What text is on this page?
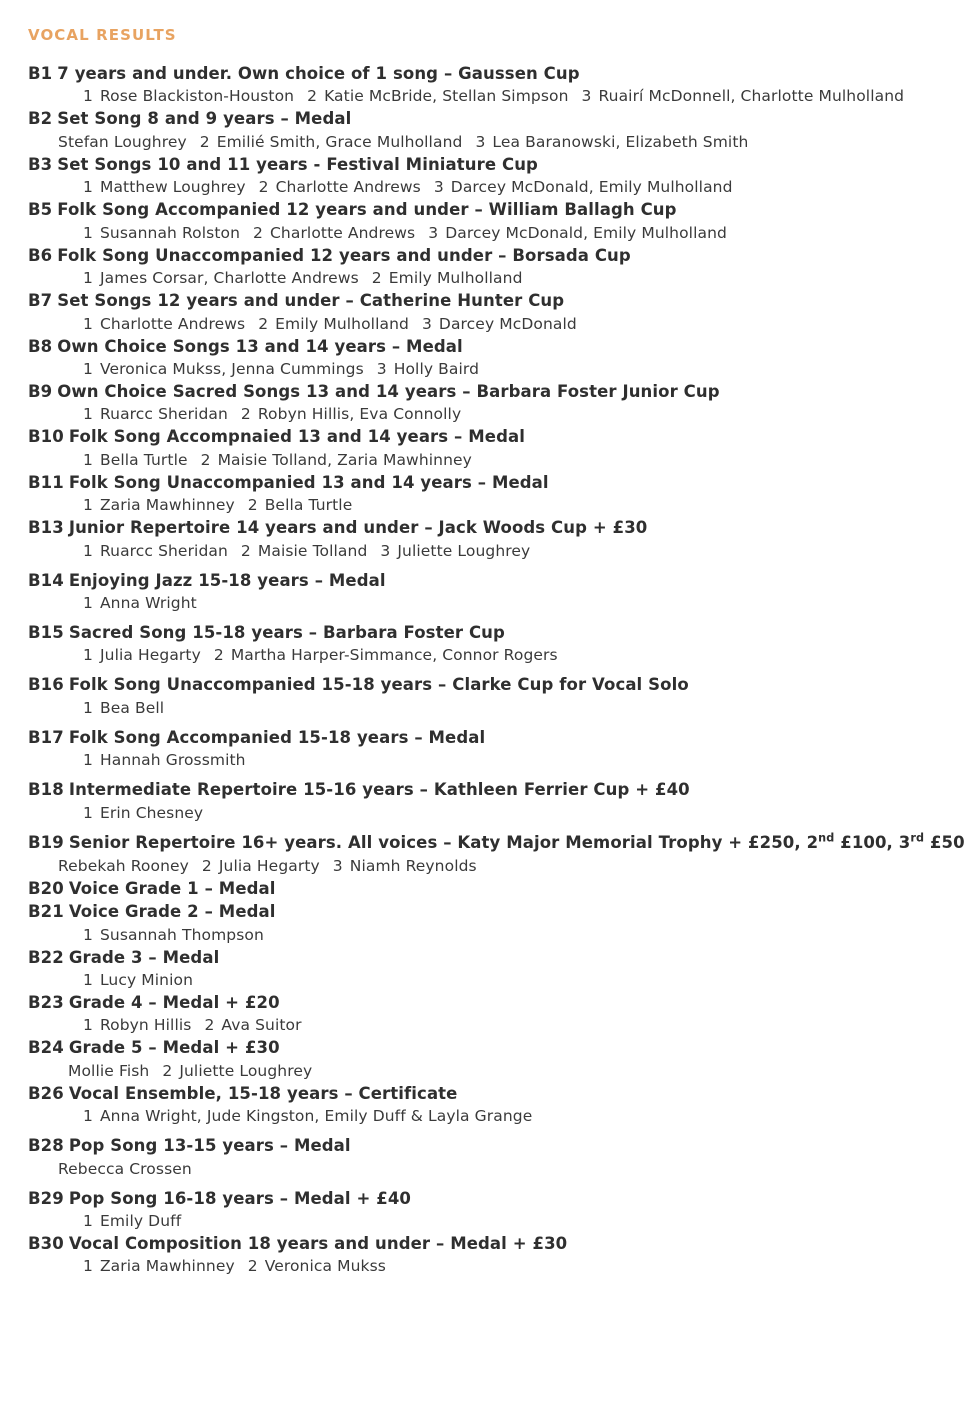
VOCAL RESULTS
B1 7 years and under. Own choice of 1 song – Gaussen Cup
1 Rose Blackiston-Houston 2 Katie McBride, Stellan Simpson 3 Ruairí McDonnell, Charlotte Mulholland
B2 Set Song 8 and 9 years – Medal
Stefan Loughrey 2 Emilié Smith, Grace Mulholland 3 Lea Baranowski, Elizabeth Smith
B3 Set Songs 10 and 11 years - Festival Miniature Cup
1 Matthew Loughrey 2 Charlotte Andrews 3 Darcey McDonald, Emily Mulholland
B5 Folk Song Accompanied 12 years and under – William Ballagh Cup
1 Susannah Rolston 2 Charlotte Andrews 3 Darcey McDonald, Emily Mulholland
B6 Folk Song Unaccompanied 12 years and under – Borsada Cup
1 James Corsar, Charlotte Andrews 2 Emily Mulholland
B7 Set Songs 12 years and under – Catherine Hunter Cup
1 Charlotte Andrews 2 Emily Mulholland 3 Darcey McDonald
B8 Own Choice Songs 13 and 14 years – Medal
1 Veronica Mukss, Jenna Cummings 3 Holly Baird
B9 Own Choice Sacred Songs 13 and 14 years – Barbara Foster Junior Cup
1 Ruarcc Sheridan 2 Robyn Hillis, Eva Connolly
B10 Folk Song Accompnaied 13 and 14 years – Medal
1 Bella Turtle 2 Maisie Tolland, Zaria Mawhinney
B11 Folk Song Unaccompanied 13 and 14 years – Medal
1 Zaria Mawhinney 2 Bella Turtle
B13 Junior Repertoire 14 years and under – Jack Woods Cup + £30
1 Ruarcc Sheridan 2 Maisie Tolland 3 Juliette Loughrey
B14 Enjoying Jazz 15-18 years – Medal
1 Anna Wright
B15 Sacred Song 15-18 years – Barbara Foster Cup
1 Julia Hegarty 2 Martha Harper-Simmance, Connor Rogers
B16 Folk Song Unaccompanied 15-18 years – Clarke Cup for Vocal Solo
1 Bea Bell
B17 Folk Song Accompanied 15-18 years – Medal
1 Hannah Grossmith
B18 Intermediate Repertoire 15-16 years – Kathleen Ferrier Cup + £40
1 Erin Chesney
B19 Senior Repertoire 16+ years. All voices – Katy Major Memorial Trophy + £250, 2nd £100, 3rd £50
Rebekah Rooney 2 Julia Hegarty 3 Niamh Reynolds
B20 Voice Grade 1 – Medal
B21 Voice Grade 2 – Medal
1 Susannah Thompson
B22 Grade 3 – Medal
1 Lucy Minion
B23 Grade 4 – Medal + £20
1 Robyn Hillis 2 Ava Suitor
B24 Grade 5 – Medal + £30
Mollie Fish 2 Juliette Loughrey
B26 Vocal Ensemble, 15-18 years – Certificate
1 Anna Wright, Jude Kingston, Emily Duff & Layla Grange
B28 Pop Song 13-15 years – Medal
Rebecca Crossen
B29 Pop Song 16-18 years – Medal + £40
1 Emily Duff
B30 Vocal Composition 18 years and under – Medal + £30
1 Zaria Mawhinney 2 Veronica Mukss
